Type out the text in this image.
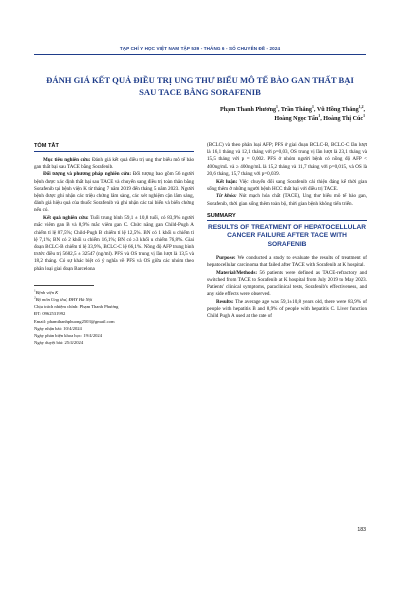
TẠP CHÍ Y HỌC VIỆT NAM TẬP 539 - THÁNG 6 - SỐ CHUYÊN ĐỀ - 2024
ĐÁNH GIÁ KẾT QUẢ ĐIỀU TRỊ UNG THƯ BIỂU MÔ TẾ BÀO GAN THẤT BẠI SAU TACE BẰNG SORAFENIB
Phạm Thanh Phương$^1$, Trần Thắng$^1$, Vũ Hồng Thăng$^{1,2}$,
Hoàng Ngọc Tấn$^1$, Hoàng Thị Cúc$^1$
TÓM TẮT

Mục tiêu nghiên cứu: Đánh giá kết quả điều trị ung thư biểu mô tế bào gan thất bại sau TACE bằng Sorafenib.

Đối tượng và phương pháp nghiên cứu: Đối tượng bao gồm 56 người bệnh được xác định thất bại sau TACE và chuyển sang điều trị toàn thân bằng Sorafenib tại bệnh viện K từ tháng 7 năm 2019 đến tháng 5 năm 2023. Người bệnh được ghi nhận các triệu chứng lâm sàng, các xét nghiệm cận lâm sàng, đánh giá hiệu quả của thuốc Sorafenib và ghi nhận các tai biến và biến chứng nếu có.

Kết quả nghiên cứu: Tuổi trung bình 59,1 ± 10,8 tuổi, có 83,9% người mắc viêm gan B và 8,9% mắc viêm gan C. Chức năng gan Child-Pugh A chiếm tỉ lệ 87,5%; Child-Pugh B chiếm tỉ lệ 12,5%. BN có 1 khối u chiếm tỉ lệ 7,1%; BN có 2 khối u chiếm 16,1%; BN có ≥3 khối u chiếm 76,8%. Giai đoạn BCLC-B chiếm tỉ lệ 33,9%, BCLC-C lệ 66,1%. Nồng độ AFP trung bình trước điều trị 5682,5 ± 32547 (ng/ml). PFS và OS trung vị lần lượt là 13,5 và 18,2 tháng. Có sự khác biệt có ý nghĩa về PFS và OS giữa các nhóm theo phân loại giai đoạn Barcelona

$^1$Bệnh viện K
$^2$Bộ môn Ung thư, ĐHY Hà Nội
Chịu trách nhiệm chính: Phạm Thanh Phương
ĐT: 0962531992
Email: phamthanhphuong2503@gmail.com
Ngày nhận bài: 10/4/2024
Ngày phản biện khoa học: 19/4/2024
Ngày duyệt bài: 25/4/2024

(BCLC) và theo phân loại AFP; PFS ở giai đoạn BCLC-B, BCLC-C lần lượt là 16,1 tháng và 12,1 tháng với p=0,03, OS trung vị lần lượt là 23,1 tháng và 15,5 tháng với p = 0,002. PFS ở nhóm người bệnh có nồng độ AFP < 400ng/mL và ≥ 400ng/mL là 15,2 tháng và 11,7 tháng với p=0,015, và OS là 20,6 tháng, 15,7 tháng với p=0,039.

Kết luận: Việc chuyển đổi sang Sorafenib cải thiện đáng kể thời gian sống thêm ở những người bệnh HCC thất bại với điều trị TACE.

Từ khóa: Nút mạch hóa chất (TACE), Ung thư biểu mô tế bào gan, Sorafenib, thời gian sống thêm toàn bộ, thời gian bệnh không tiến triển.

SUMMARY
RESULTS OF TREATMENT OF HEPATOCELLULAR CANCER FAILURE AFTER TACE WITH SORAFENIB

Purpose: We conducted a study to evaluate the results of treatment of hepatocellular carcinoma that failed after TACE with Sorafenib at K hospital.

Material/Methods: 56 patients were defined as TACE-refractory and switched from TACE to Sorafenib at K hospital from July 2019 to May 2023. Patients' clinical symptoms, paraclinical tests, Sorafenib's effectiveness, and any side effects were observed.

Results: The average age was 59,1±10,8 years old, there were 83,9% of people with hepatitis B and 8,9% of people with hepatitis C. Liver function Child Pugh A used at the rate of

183
